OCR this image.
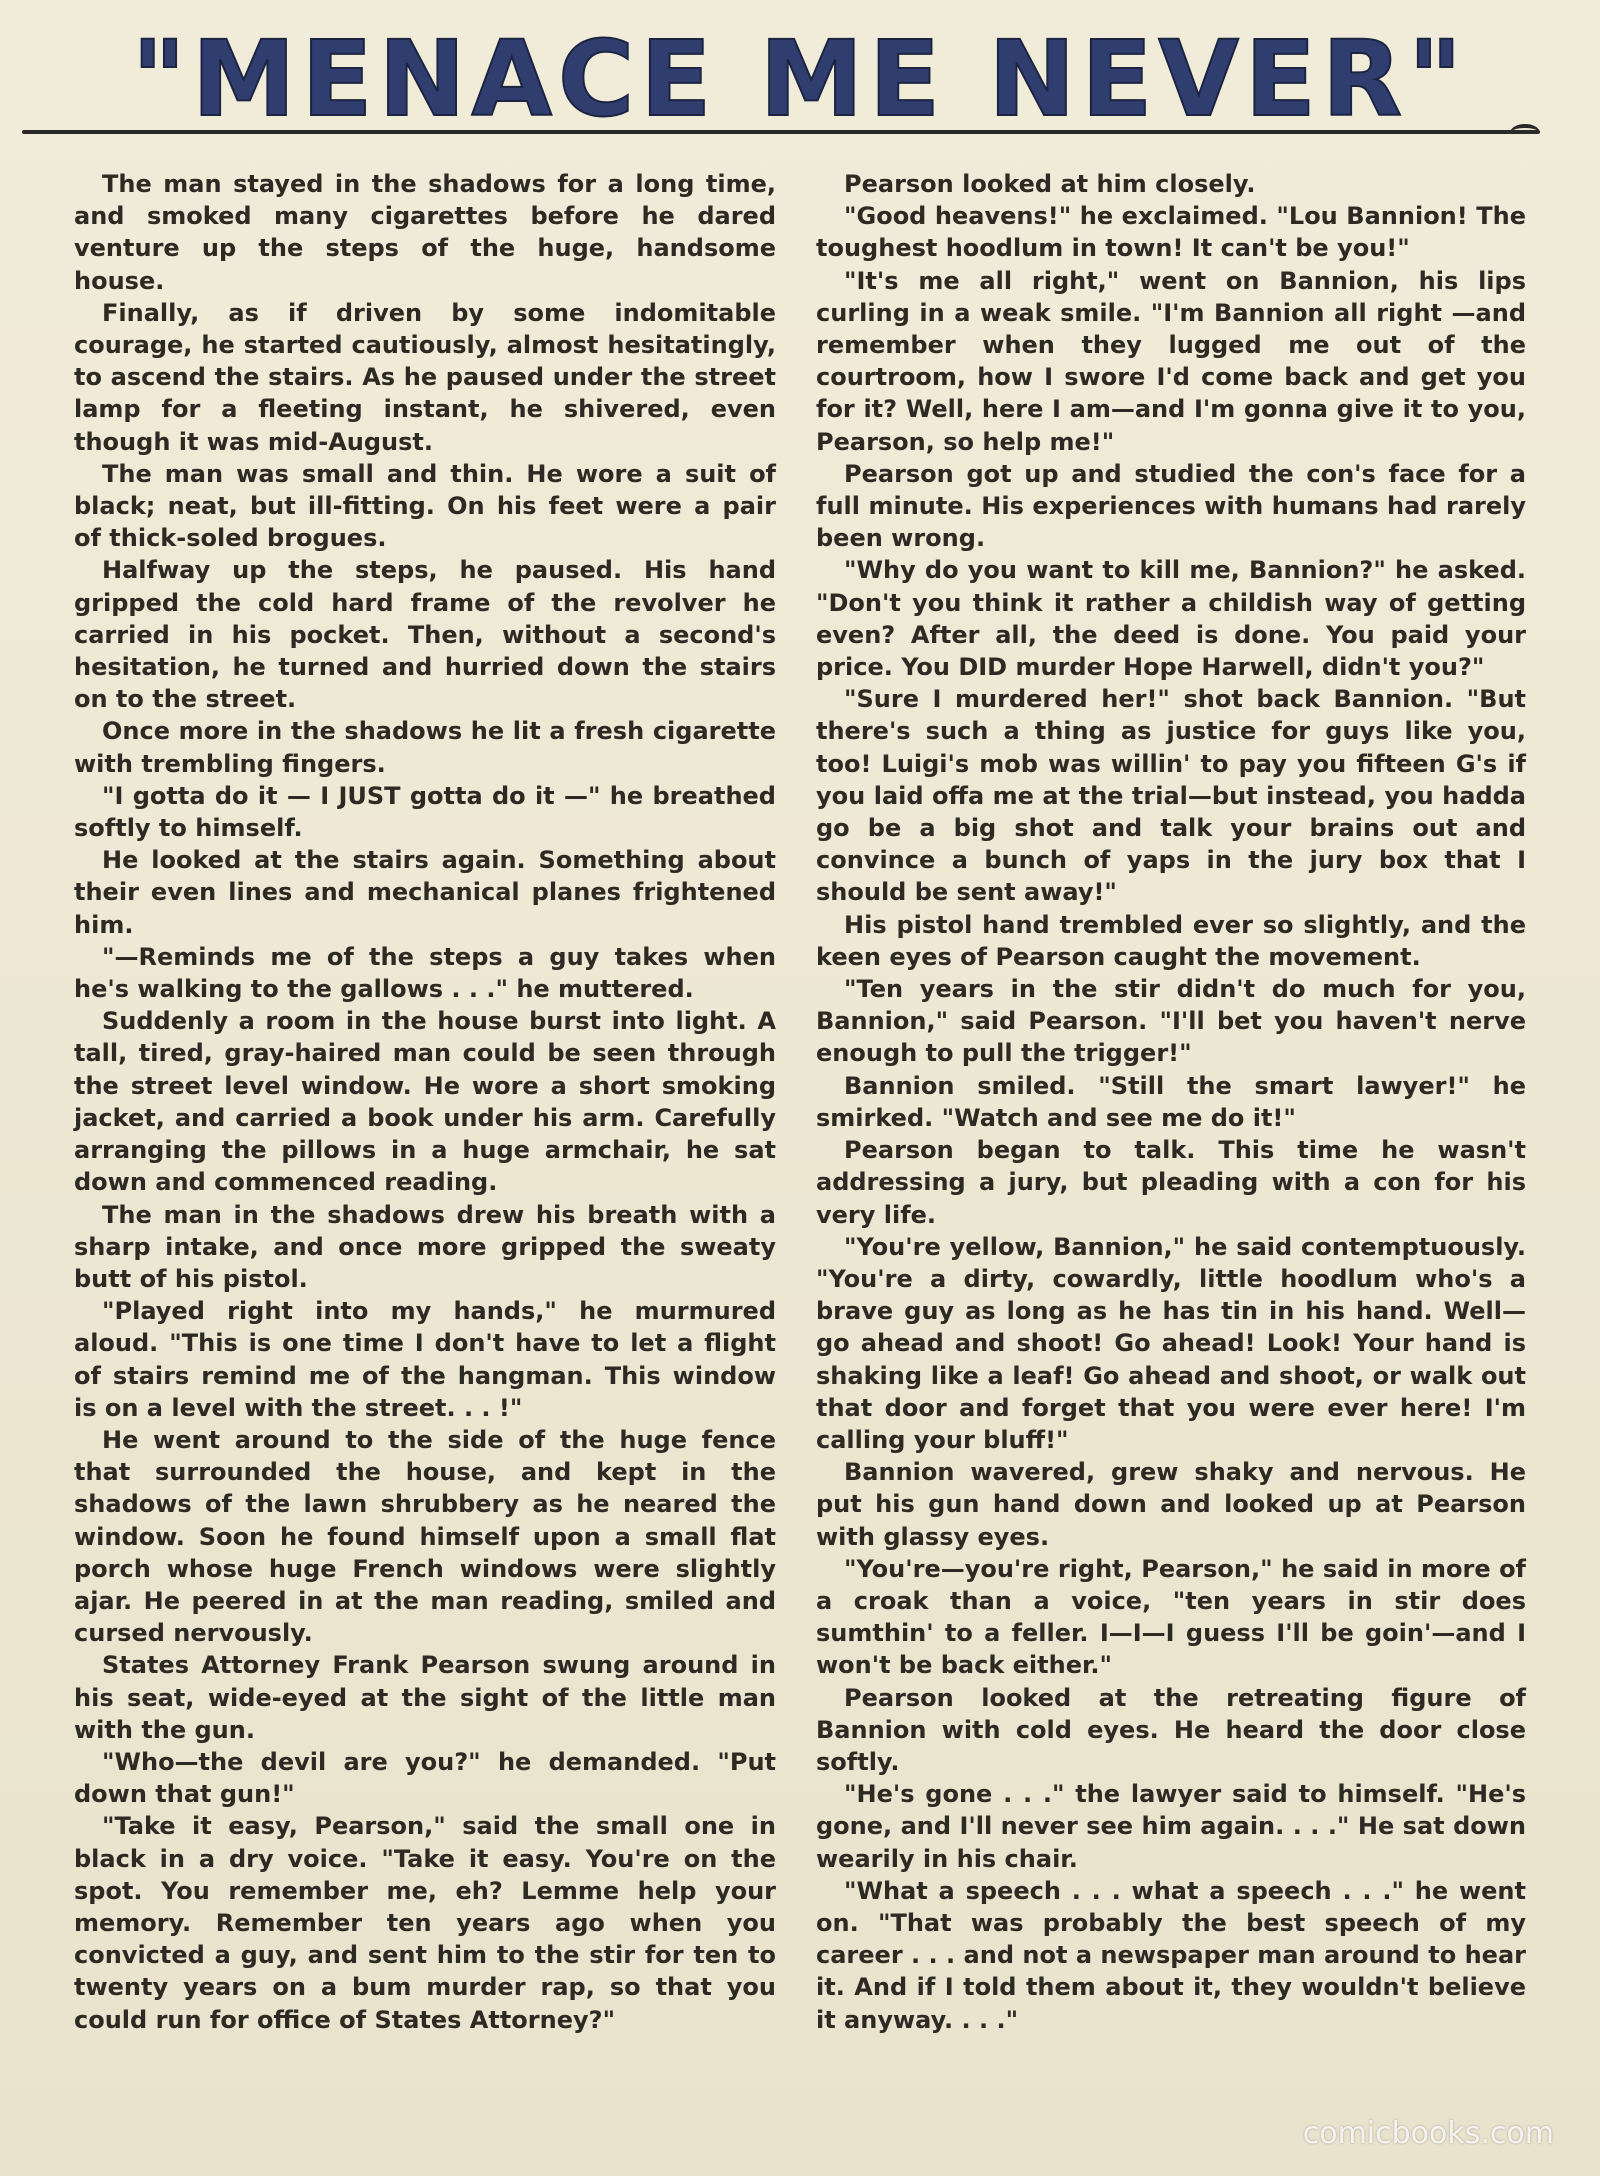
"MENACE ME NEVER"

The man stayed in the shadows for a long time, and smoked many cigarettes before he dared venture up the steps of the huge, handsome house.

Finally, as if driven by some indomitable courage, he started cautiously, almost hesitatingly, to ascend the stairs. As he paused under the street lamp for a fleeting instant, he shivered, even though it was mid-August.

The man was small and thin. He wore a suit of black; neat, but ill-fitting. On his feet were a pair of thick-soled brogues.

Halfway up the steps, he paused. His hand gripped the cold hard frame of the revolver he carried in his pocket. Then, without a second's hesitation, he turned and hurried down the stairs on to the street.

Once more in the shadows he lit a fresh cigarette with trembling fingers.

"I gotta do it — I JUST gotta do it —" he breathed softly to himself.

He looked at the stairs again. Something about their even lines and mechanical planes frightened him.

"—Reminds me of the steps a guy takes when he's walking to the gallows . . ." he muttered.

Suddenly a room in the house burst into light. A tall, tired, gray-haired man could be seen through the street level window. He wore a short smoking jacket, and carried a book under his arm. Carefully arranging the pillows in a huge armchair, he sat down and commenced reading.

The man in the shadows drew his breath with a sharp intake, and once more gripped the sweaty butt of his pistol.

"Played right into my hands," he murmured aloud. "This is one time I don't have to let a flight of stairs remind me of the hangman. This window is on a level with the street. . . !"

He went around to the side of the huge fence that surrounded the house, and kept in the shadows of the lawn shrubbery as he neared the window. Soon he found himself upon a small flat porch whose huge French windows were slightly ajar. He peered in at the man reading, smiled and cursed nervously.

States Attorney Frank Pearson swung around in his seat, wide-eyed at the sight of the little man with the gun.

"Who—the devil are you?" he demanded. "Put down that gun!"

"Take it easy, Pearson," said the small one in black in a dry voice. "Take it easy. You're on the spot. You remember me, eh? Lemme help your memory. Remember ten years ago when you convicted a guy, and sent him to the stir for ten to twenty years on a bum murder rap, so that you could run for office of States Attorney?"

Pearson looked at him closely.

"Good heavens!" he exclaimed. "Lou Bannion! The toughest hoodlum in town! It can't be you!"

"It's me all right," went on Bannion, his lips curling in a weak smile. "I'm Bannion all right —and remember when they lugged me out of the courtroom, how I swore I'd come back and get you for it? Well, here I am—and I'm gonna give it to you, Pearson, so help me!"

Pearson got up and studied the con's face for a full minute. His experiences with humans had rarely been wrong.

"Why do you want to kill me, Bannion?" he asked. "Don't you think it rather a childish way of getting even? After all, the deed is done. You paid your price. You DID murder Hope Harwell, didn't you?"

"Sure I murdered her!" shot back Bannion. "But there's such a thing as justice for guys like you, too! Luigi's mob was willin' to pay you fifteen G's if you laid offa me at the trial—but instead, you hadda go be a big shot and talk your brains out and convince a bunch of yaps in the jury box that I should be sent away!"

His pistol hand trembled ever so slightly, and the keen eyes of Pearson caught the movement.

"Ten years in the stir didn't do much for you, Bannion," said Pearson. "I'll bet you haven't nerve enough to pull the trigger!"

Bannion smiled. "Still the smart lawyer!" he smirked. "Watch and see me do it!"

Pearson began to talk. This time he wasn't addressing a jury, but pleading with a con for his very life.

"You're yellow, Bannion," he said contemptuously. "You're a dirty, cowardly, little hoodlum who's a brave guy as long as he has tin in his hand. Well—go ahead and shoot! Go ahead! Look! Your hand is shaking like a leaf! Go ahead and shoot, or walk out that door and forget that you were ever here! I'm calling your bluff!"

Bannion wavered, grew shaky and nervous. He put his gun hand down and looked up at Pearson with glassy eyes.

"You're—you're right, Pearson," he said in more of a croak than a voice, "ten years in stir does sumthin' to a feller. I—I—I guess I'll be goin'—and I won't be back either."

Pearson looked at the retreating figure of Bannion with cold eyes. He heard the door close softly.

"He's gone . . ." the lawyer said to himself. "He's gone, and I'll never see him again. . . ." He sat down wearily in his chair.

"What a speech . . . what a speech . . ." he went on. "That was probably the best speech of my career . . . and not a newspaper man around to hear it. And if I told them about it, they wouldn't believe it anyway. . . ."

comicbooks.com
